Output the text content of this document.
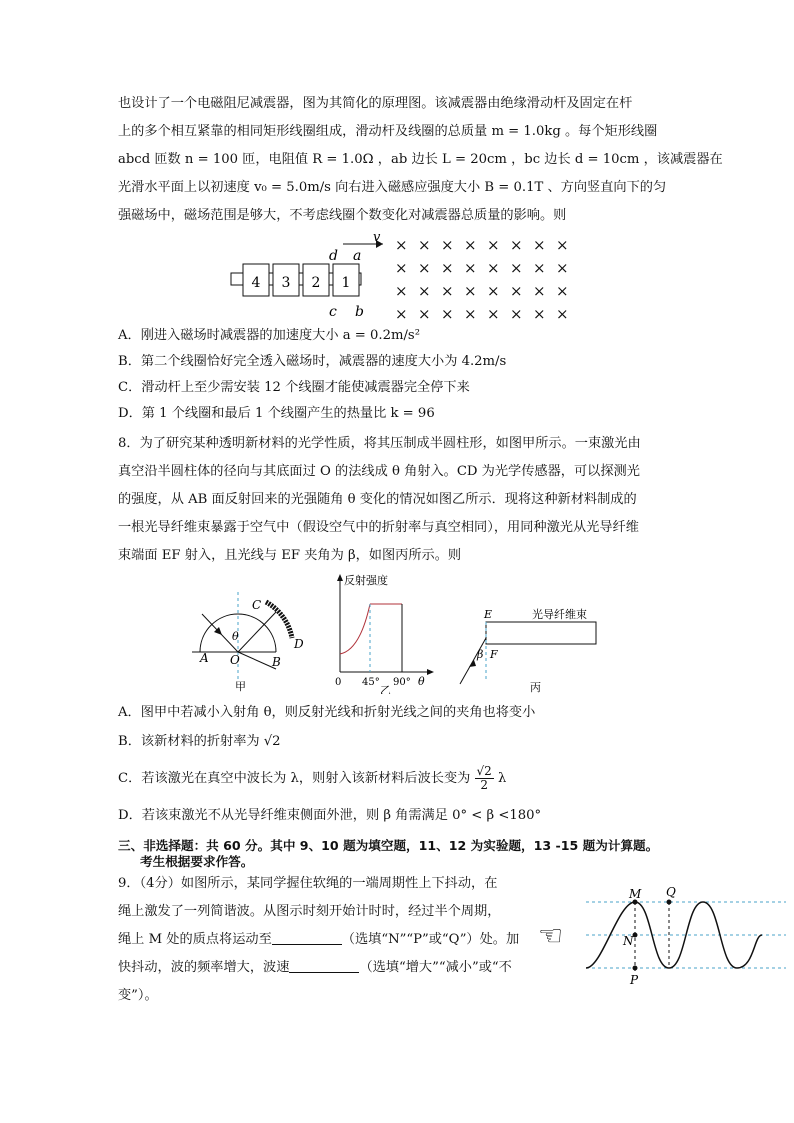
也设计了一个电磁阻尼减震器，图为其简化的原理图。该减震器由绝缘滑动杆及固定在杆
上的多个相互紧靠的相同矩形线圈组成，滑动杆及线圈的总质量 m = 1.0kg 。每个矩形线圈
abcd 匝数 n = 100 匝，电阻值 R = 1.0Ω ，ab 边长 L = 20cm ，bc 边长 d = 10cm ，该减震器在
光滑水平面上以初速度 v₀ = 5.0m/s 向右进入磁感应强度大小 B = 0.1T 、方向竖直向下的匀
强磁场中，磁场范围是够大，不考虑线圈个数变化对减震器总质量的影响。则
4 3 2 1
d a
c b
v × × × × × × × ×
× × × × × × × ×
× × × × × × × ×
× × × × × × × ×
A．刚进入磁场时减震器的加速度大小 a = 0.2m/s²
B．第二个线圈恰好完全透入磁场时，减震器的速度大小为 4.2m/s
C．滑动杆上至少需安装 12 个线圈才能使减震器完全停下来
D．第 1 个线圈和最后 1 个线圈产生的热量比 k = 96
8．为了研究某种透明新材料的光学性质，将其压制成半圆柱形，如图甲所示。一束激光由
真空沿半圆柱体的径向与其底面过 O 的法线成 θ 角射入。CD 为光学传感器，可以探测光
的强度，从 AB 面反射回来的光强随角 θ 变化的情况如图乙所示．现将这种新材料制成的
一根光导纤维束暴露于空气中（假设空气中的折射率与真空相同），用同种激光从光导纤维
束端面 EF 射入，且光线与 EF 夹角为 β，如图丙所示。则
C
D
A	B
O
θ
甲
反射强度
0 45° 90° θ
乙
E
F
β
光导纤维束
丙
A．图甲中若减小入射角 θ，则反射光线和折射光线之间的夹角也将变小
B．该新材料的折射率为 √2
C．若该激光在真空中波长为 λ，则射入该新材料后波长变为 $\frac{√2}{2}$ λ
D．若该束激光不从光导纤维束侧面外泄，则 β 角需满足 0° < β <180°
三、非选择题：共 60 分。其中 9、10 题为填空题，11、12 为实验题，13 -15 题为计算题。
考生根据要求作答。
9．（4分）如图所示，某同学握住软绳的一端周期性上下抖动，在
绳上激发了一列简谐波。从图示时刻开始计时时，经过半个周期，
绳上 M 处的质点将运动至	（选填“N”“P”或“Q”）处。加
快抖动，波的频率增大，波速	（选填“增大”“减小”或“不
变”）。
☜
M Q
N
P
